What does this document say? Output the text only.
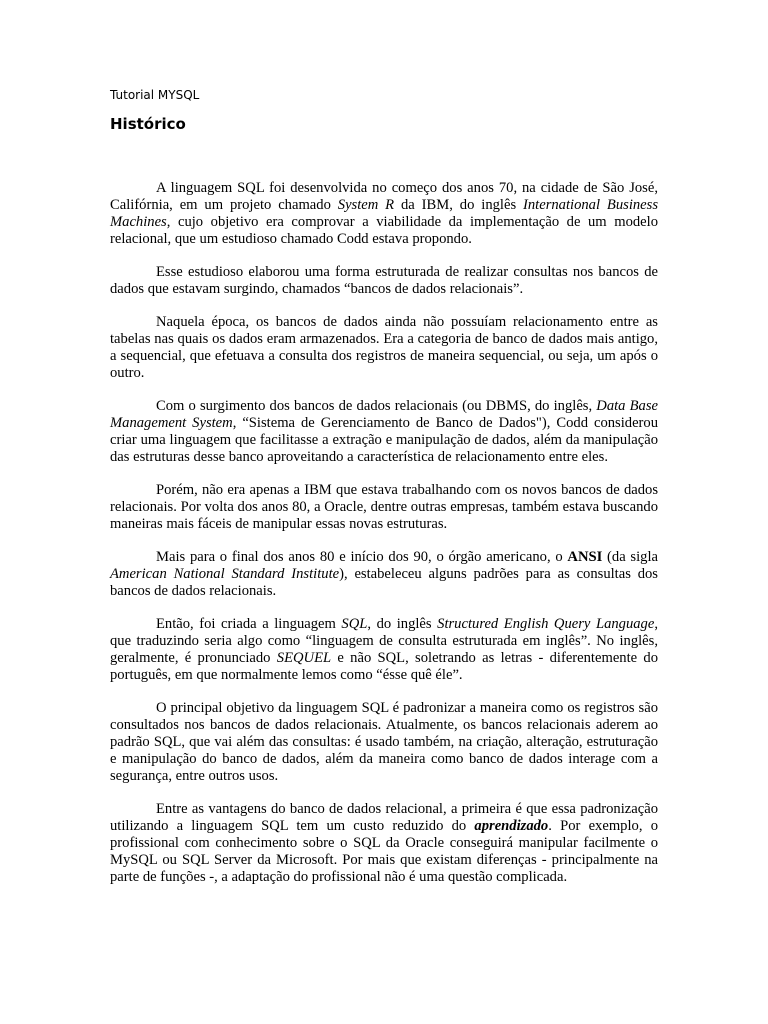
Tutorial MYSQL
Histórico

A linguagem SQL foi desenvolvida no começo dos anos 70, na cidade de São José, Califórnia, em um projeto chamado System R da IBM, do inglês International Business Machines, cujo objetivo era comprovar a viabilidade da implementação de um modelo relacional, que um estudioso chamado Codd estava propondo.

Esse estudioso elaborou uma forma estruturada de realizar consultas nos bancos de dados que estavam surgindo, chamados “bancos de dados relacionais”.

Naquela época, os bancos de dados ainda não possuíam relacionamento entre as tabelas nas quais os dados eram armazenados. Era a categoria de banco de dados mais antigo, a sequencial, que efetuava a consulta dos registros de maneira sequencial, ou seja, um após o outro.

Com o surgimento dos bancos de dados relacionais (ou DBMS, do inglês, Data Base Management System, “Sistema de Gerenciamento de Banco de Dados"), Codd considerou criar uma linguagem que facilitasse a extração e manipulação de dados, além da manipulação das estruturas desse banco aproveitando a característica de relacionamento entre eles.

Porém, não era apenas a IBM que estava trabalhando com os novos bancos de dados relacionais. Por volta dos anos 80, a Oracle, dentre outras empresas, também estava buscando maneiras mais fáceis de manipular essas novas estruturas.

Mais para o final dos anos 80 e início dos 90, o órgão americano, o ANSI (da sigla American National Standard Institute), estabeleceu alguns padrões para as consultas dos bancos de dados relacionais.

Então, foi criada a linguagem SQL, do inglês Structured English Query Language, que traduzindo seria algo como “linguagem de consulta estruturada em inglês”. No inglês, geralmente, é pronunciado SEQUEL e não SQL, soletrando as letras - diferentemente do português, em que normalmente lemos como “ésse quê éle”.

O principal objetivo da linguagem SQL é padronizar a maneira como os registros são consultados nos bancos de dados relacionais. Atualmente, os bancos relacionais aderem ao padrão SQL, que vai além das consultas: é usado também, na criação, alteração, estruturação e manipulação do banco de dados, além da maneira como banco de dados interage com a segurança, entre outros usos.

Entre as vantagens do banco de dados relacional, a primeira é que essa padronização utilizando a linguagem SQL tem um custo reduzido do aprendizado. Por exemplo, o profissional com conhecimento sobre o SQL da Oracle conseguirá manipular facilmente o MySQL ou SQL Server da Microsoft. Por mais que existam diferenças - principalmente na parte de funções -, a adaptação do profissional não é uma questão complicada.
